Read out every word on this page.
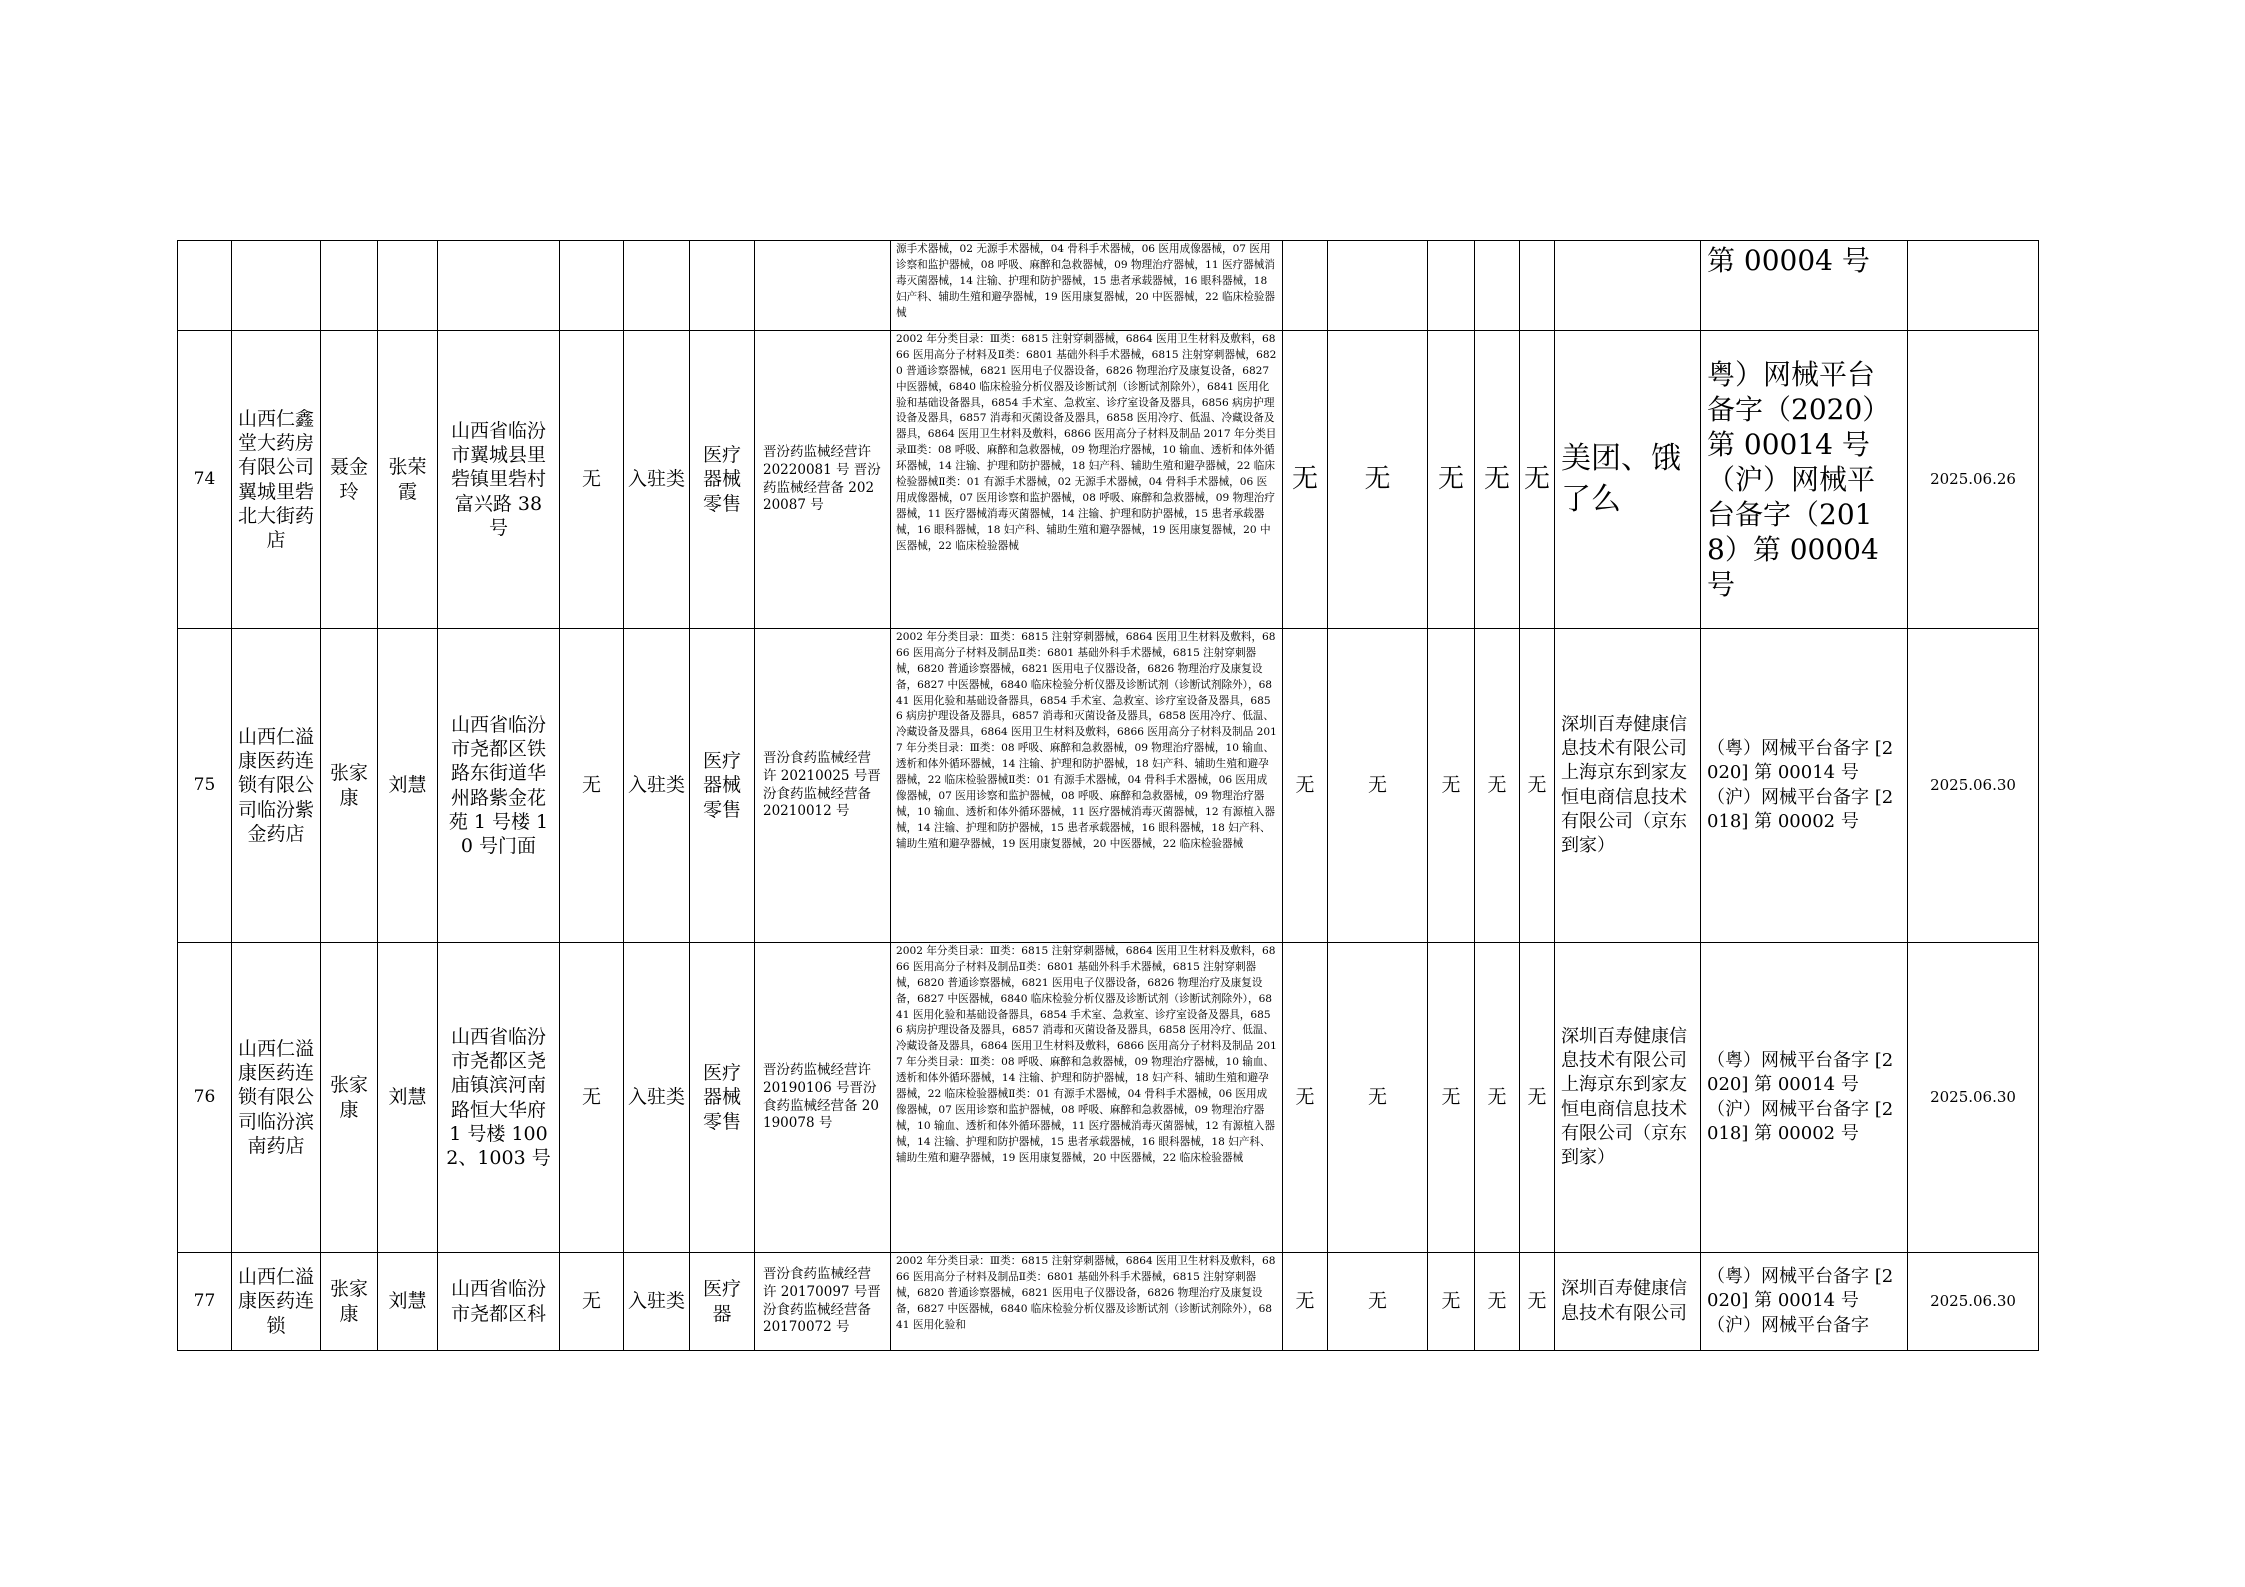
									源手术器械，02 无源手术器械，04 骨科手术器械，06 医用成像器械，07 医用诊察和监护器械，08 呼吸、麻醉和急救器械，09 物理治疗器械，11 医疗器械消毒灭菌器械，14 注输、护理和防护器械，15 患者承载器械，16 眼科器械，18 妇产科、辅助生殖和避孕器械，19 医用康复器械，20 中医器械，22 临床检验器械							第 00004 号	
74	山西仁鑫堂大药房有限公司翼城里砦北大街药店	聂金玲	张荣霞	山西省临汾市翼城县里砦镇里砦村富兴路 38 号	无	入驻类	医疗器械零售	晋汾药监械经营许 20220081 号 晋汾药监械经营备 20220087 号	2002 年分类目录：Ⅲ类：6815 注射穿刺器械，6864 医用卫生材料及敷料，6866 医用高分子材料及Ⅱ类：6801 基础外科手术器械，6815 注射穿刺器械，6820 普通诊察器械，6821 医用电子仪器设备，6826 物理治疗及康复设备，6827 中医器械，6840 临床检验分析仪器及诊断试剂（诊断试剂除外），6841 医用化验和基础设备器具，6854 手术室、急救室、诊疗室设备及器具，6856 病房护理设备及器具，6857 消毒和灭菌设备及器具，6858 医用冷疗、低温、冷藏设备及器具，6864 医用卫生材料及敷料，6866 医用高分子材料及制品 2017 年分类目录Ⅲ类：08 呼吸、麻醉和急救器械，09 物理治疗器械，10 输血、透析和体外循环器械，14 注输、护理和防护器械，18 妇产科、辅助生殖和避孕器械，22 临床检验器械Ⅱ类：01 有源手术器械，02 无源手术器械，04 骨科手术器械，06 医用成像器械，07 医用诊察和监护器械，08 呼吸、麻醉和急救器械，09 物理治疗器械，11 医疗器械消毒灭菌器械，14 注输、护理和防护器械，15 患者承载器械，16 眼科器械，18 妇产科、辅助生殖和避孕器械，19 医用康复器械，20 中医器械，22 临床检验器械	无	无	无	无	无	美团、饿了么	粤）网械平台备字（2020）第 00014 号（沪）网械平台备字（2018）第 00004 号	2025.06.26
75	山西仁溢康医药连锁有限公司临汾紫金药店	张家康	刘慧	山西省临汾市尧都区铁路东街道华州路紫金花苑 1 号楼 10 号门面	无	入驻类	医疗器械零售	晋汾食药监械经营许 20210025 号晋汾食药监械经营备 20210012 号	2002 年分类目录：Ⅲ类：6815 注射穿刺器械，6864 医用卫生材料及敷料，6866 医用高分子材料及制品Ⅱ类：6801 基础外科手术器械，6815 注射穿刺器械，6820 普通诊察器械，6821 医用电子仪器设备，6826 物理治疗及康复设备，6827 中医器械，6840 临床检验分析仪器及诊断试剂（诊断试剂除外），6841 医用化验和基础设备器具，6854 手术室、急救室、诊疗室设备及器具，6856 病房护理设备及器具，6857 消毒和灭菌设备及器具，6858 医用冷疗、低温、冷藏设备及器具，6864 医用卫生材料及敷料，6866 医用高分子材料及制品 2017 年分类目录：Ⅲ类：08 呼吸、麻醉和急救器械，09 物理治疗器械，10 输血、透析和体外循环器械，14 注输、护理和防护器械，18 妇产科、辅助生殖和避孕器械，22 临床检验器械Ⅱ类：01 有源手术器械，04 骨科手术器械，06 医用成像器械，07 医用诊察和监护器械，08 呼吸、麻醉和急救器械，09 物理治疗器械，10 输血、透析和体外循环器械，11 医疗器械消毒灭菌器械，12 有源植入器械，14 注输、护理和防护器械，15 患者承载器械，16 眼科器械，18 妇产科、辅助生殖和避孕器械，19 医用康复器械，20 中医器械，22 临床检验器械	无	无	无	无	无	深圳百寿健康信息技术有限公司 上海京东到家友恒电商信息技术有限公司（京东到家）	（粤）网械平台备字 [2020] 第 00014 号（沪）网械平台备字 [2018] 第 00002 号	2025.06.30
76	山西仁溢康医药连锁有限公司临汾滨南药店	张家康	刘慧	山西省临汾市尧都区尧庙镇滨河南路恒大华府 1 号楼 1002、1003 号	无	入驻类	医疗器械零售	晋汾药监械经营许 20190106 号晋汾食药监械经营备 20190078 号	2002 年分类目录：Ⅲ类：6815 注射穿刺器械，6864 医用卫生材料及敷料，6866 医用高分子材料及制品Ⅱ类：6801 基础外科手术器械，6815 注射穿刺器械，6820 普通诊察器械，6821 医用电子仪器设备，6826 物理治疗及康复设备，6827 中医器械，6840 临床检验分析仪器及诊断试剂（诊断试剂除外），6841 医用化验和基础设备器具，6854 手术室、急救室、诊疗室设备及器具，6856 病房护理设备及器具，6857 消毒和灭菌设备及器具，6858 医用冷疗、低温、冷藏设备及器具，6864 医用卫生材料及敷料，6866 医用高分子材料及制品 2017 年分类目录：Ⅲ类：08 呼吸、麻醉和急救器械，09 物理治疗器械，10 输血、透析和体外循环器械，14 注输、护理和防护器械，18 妇产科、辅助生殖和避孕器械，22 临床检验器械Ⅱ类：01 有源手术器械，04 骨科手术器械，06 医用成像器械，07 医用诊察和监护器械，08 呼吸、麻醉和急救器械，09 物理治疗器械，10 输血、透析和体外循环器械，11 医疗器械消毒灭菌器械，12 有源植入器械，14 注输、护理和防护器械，15 患者承载器械，16 眼科器械，18 妇产科、辅助生殖和避孕器械，19 医用康复器械，20 中医器械，22 临床检验器械	无	无	无	无	无	深圳百寿健康信息技术有限公司 上海京东到家友恒电商信息技术有限公司（京东到家）	（粤）网械平台备字 [2020] 第 00014 号（沪）网械平台备字 [2018] 第 00002 号	2025.06.30
77	山西仁溢康医药连锁	张家康	刘慧	山西省临汾市尧都区科	无	入驻类	医疗器	晋汾食药监械经营许 20170097 号晋汾食药监械经营备 20170072 号	2002 年分类目录：Ⅲ类：6815 注射穿刺器械，6864 医用卫生材料及敷料，6866 医用高分子材料及制品Ⅱ类：6801 基础外科手术器械，6815 注射穿刺器械，6820 普通诊察器械，6821 医用电子仪器设备，6826 物理治疗及康复设备，6827 中医器械，6840 临床检验分析仪器及诊断试剂（诊断试剂除外），6841 医用化验和	无	无	无	无	无	深圳百寿健康信息技术有限公司	（粤）网械平台备字 [2020] 第 00014 号（沪）网械平台备字	2025.06.30
